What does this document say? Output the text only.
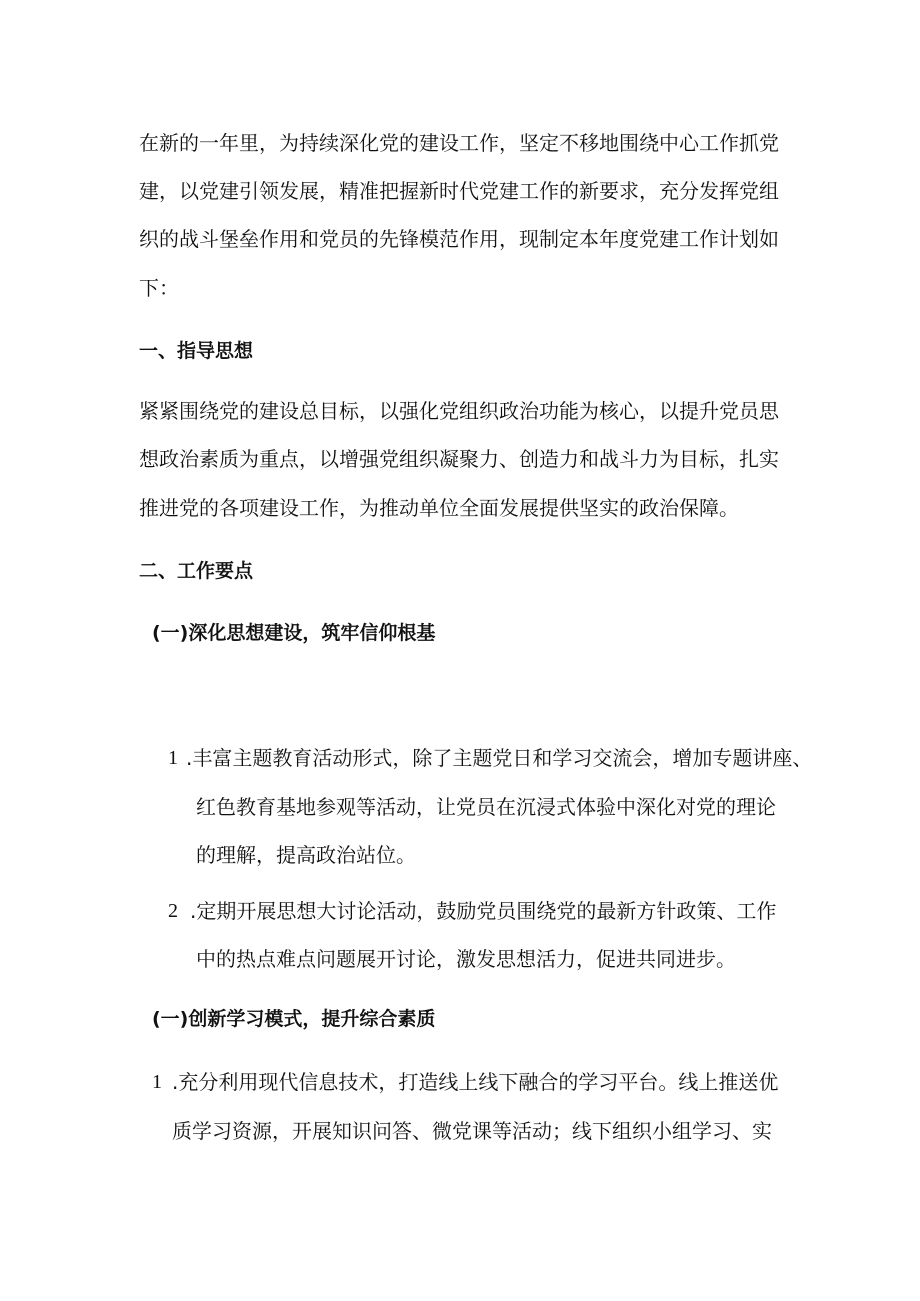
在新的一年里，为持续深化党的建设工作，坚定不移地围绕中心工作抓党
建，以党建引领发展，精准把握新时代党建工作的新要求，充分发挥党组
织的战斗堡垒作用和党员的先锋模范作用，现制定本年度党建工作计划如
下：
一、指导思想
紧紧围绕党的建设总目标，以强化党组织政治功能为核心，以提升党员思
想政治素质为重点，以增强党组织凝聚力、创造力和战斗力为目标，扎实
推进党的各项建设工作，为推动单位全面发展提供坚实的政治保障。
二、工作要点
(一)深化思想建设，筑牢信仰根基
1 .丰富主题教育活动形式，除了主题党日和学习交流会，增加专题讲座、
红色教育基地参观等活动，让党员在沉浸式体验中深化对党的理论
的理解，提高政治站位。
2 .定期开展思想大讨论活动，鼓励党员围绕党的最新方针政策、工作
中的热点难点问题展开讨论，激发思想活力，促进共同进步。
(一)创新学习模式，提升综合素质
1 .充分利用现代信息技术，打造线上线下融合的学习平台。线上推送优
质学习资源，开展知识问答、微党课等活动；线下组织小组学习、实
